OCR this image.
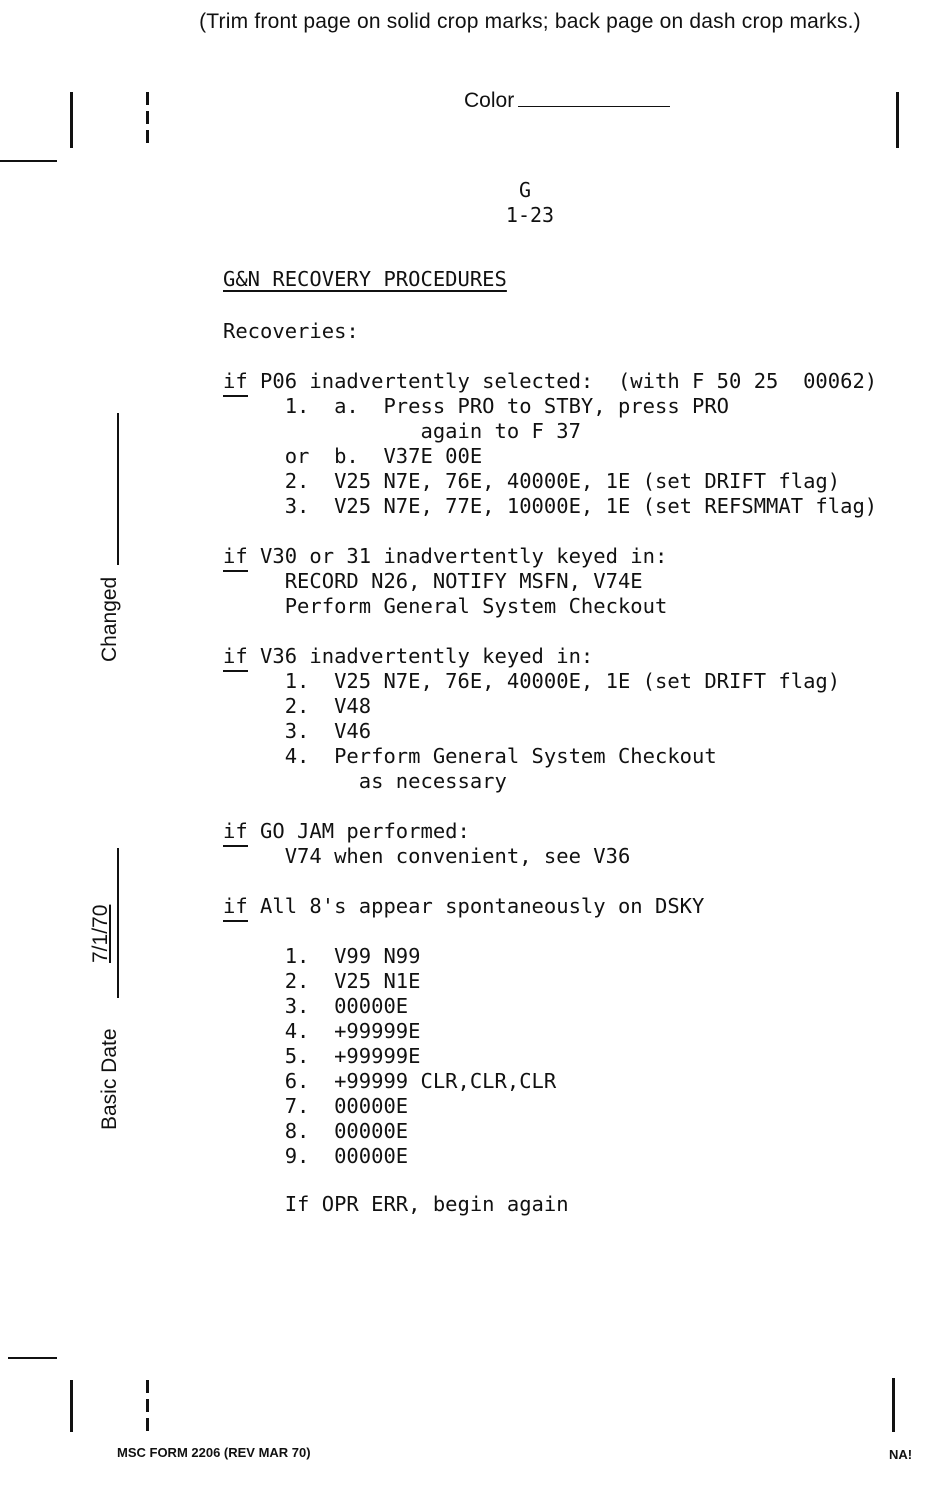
(Trim front page on solid crop marks; back page on dash crop marks.)
Color
G
1-23

G&N RECOVERY PROCEDURES

Recoveries:

if P06 inadvertently selected:  (with F 50 25  00062)

1.  a.  Press PRO to STBY, press PRO

again to F 37

or  b.  V37E 00E

2.  V25 N7E, 76E, 40000E, 1E (set DRIFT flag)

3.  V25 N7E, 77E, 10000E, 1E (set REFSMMAT flag)

if V30 or 31 inadvertently keyed in:

RECORD N26, NOTIFY MSFN, V74E

Perform General System Checkout

if V36 inadvertently keyed in:

1.  V25 N7E, 76E, 40000E, 1E (set DRIFT flag)

2.  V48

3.  V46

4.  Perform General System Checkout

as necessary

if GO JAM performed:

V74 when convenient, see V36

if All 8's appear spontaneously on DSKY

1.  V99 N99

2.  V25 N1E

3.  00000E

4.  +99999E

5.  +99999E

6.  +99999 CLR,CLR,CLR

7.  00000E

8.  00000E

9.  00000E

If OPR ERR, begin again

Changed
7/1/70
Basic Date
MSC FORM 2206 (REV MAR 70)	NA!
